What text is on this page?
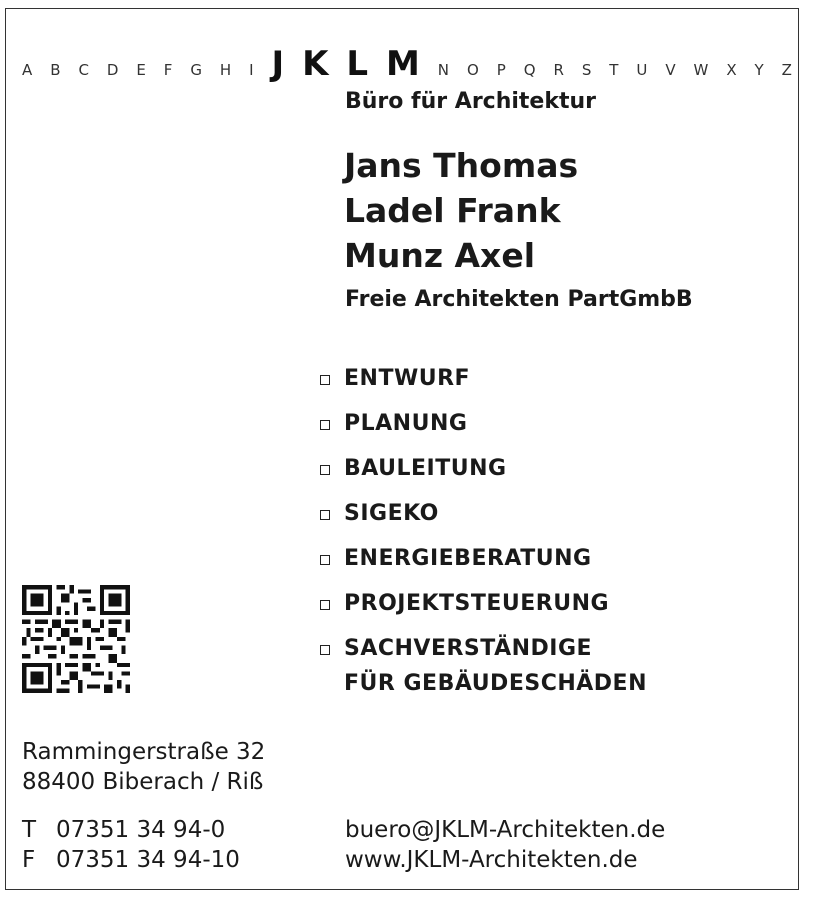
A B C D E F G H I J K L M N O P Q R S T U V W X Y Z
Büro für Architektur
Jans Thomas
Ladel Frank
Munz Axel
Freie Architekten PartGmbB
ENTWURF
PLANUNG
BAULEITUNG
SIGEKO
ENERGIEBERATUNG
PROJEKTSTEUERUNG
SACHVERSTÄNDIGE
FÜR GEBÄUDESCHÄDEN
Rammingerstraße 32
88400 Biberach / Riß
T 07351 34 94-0
F 07351 34 94-10
buero@JKLM-Architekten.de
www.JKLM-Architekten.de
